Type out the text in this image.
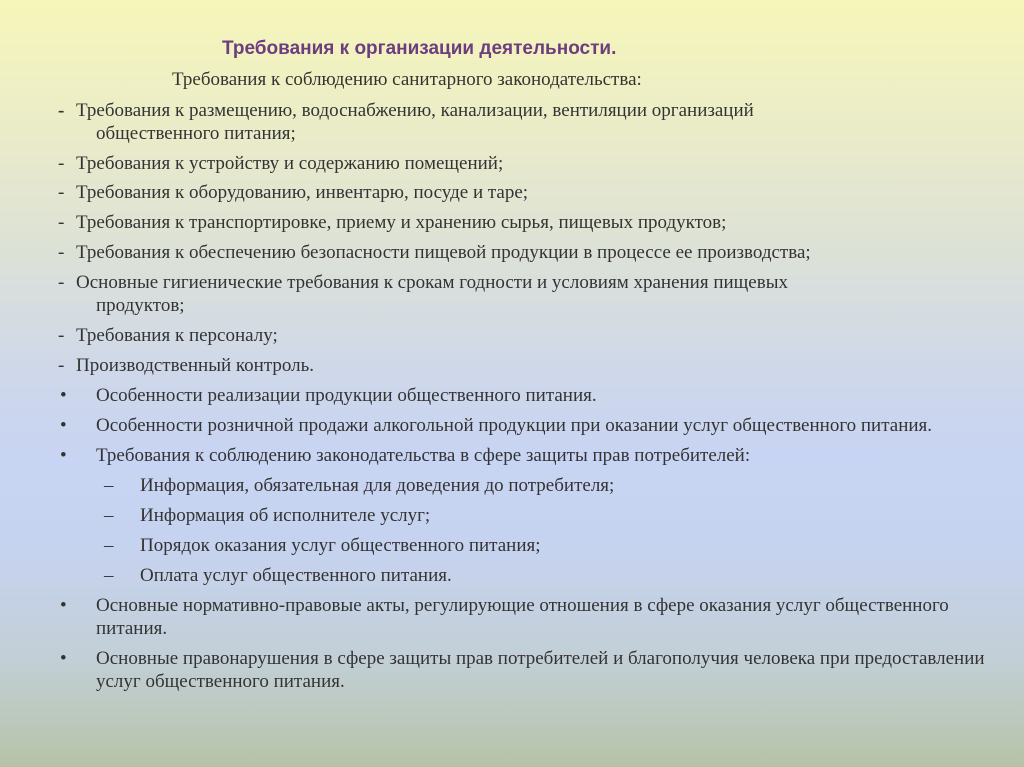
Требования к организации деятельности.
Требования к соблюдению санитарного законодательства:
- Требования к размещению, водоснабжению, канализации, вентиляции организаций
общественного питания;
- Требования к устройству и содержанию помещений;
- Требования к оборудованию, инвентарю, посуде и таре;
- Требования к транспортировке, приему и хранению сырья, пищевых продуктов;
- Требования к обеспечению безопасности пищевой продукции в процессе ее производства;
- Основные гигиенические требования к срокам годности и условиям хранения пищевых
продуктов;
- Требования к персоналу;
- Производственный контроль.
• Особенности реализации продукции общественного питания.
• Особенности розничной продажи алкогольной продукции при оказании услуг общественного питания.
• Требования к соблюдению законодательства в сфере защиты прав потребителей:
– Информация, обязательная для доведения до потребителя;
– Информация об исполнителе услуг;
– Порядок оказания услуг общественного питания;
– Оплата услуг общественного питания.
• Основные нормативно-правовые акты, регулирующие отношения в сфере оказания услуг общественного питания.
• Основные правонарушения в сфере защиты прав потребителей и благополучия человека при предоставлении услуг общественного питания.
